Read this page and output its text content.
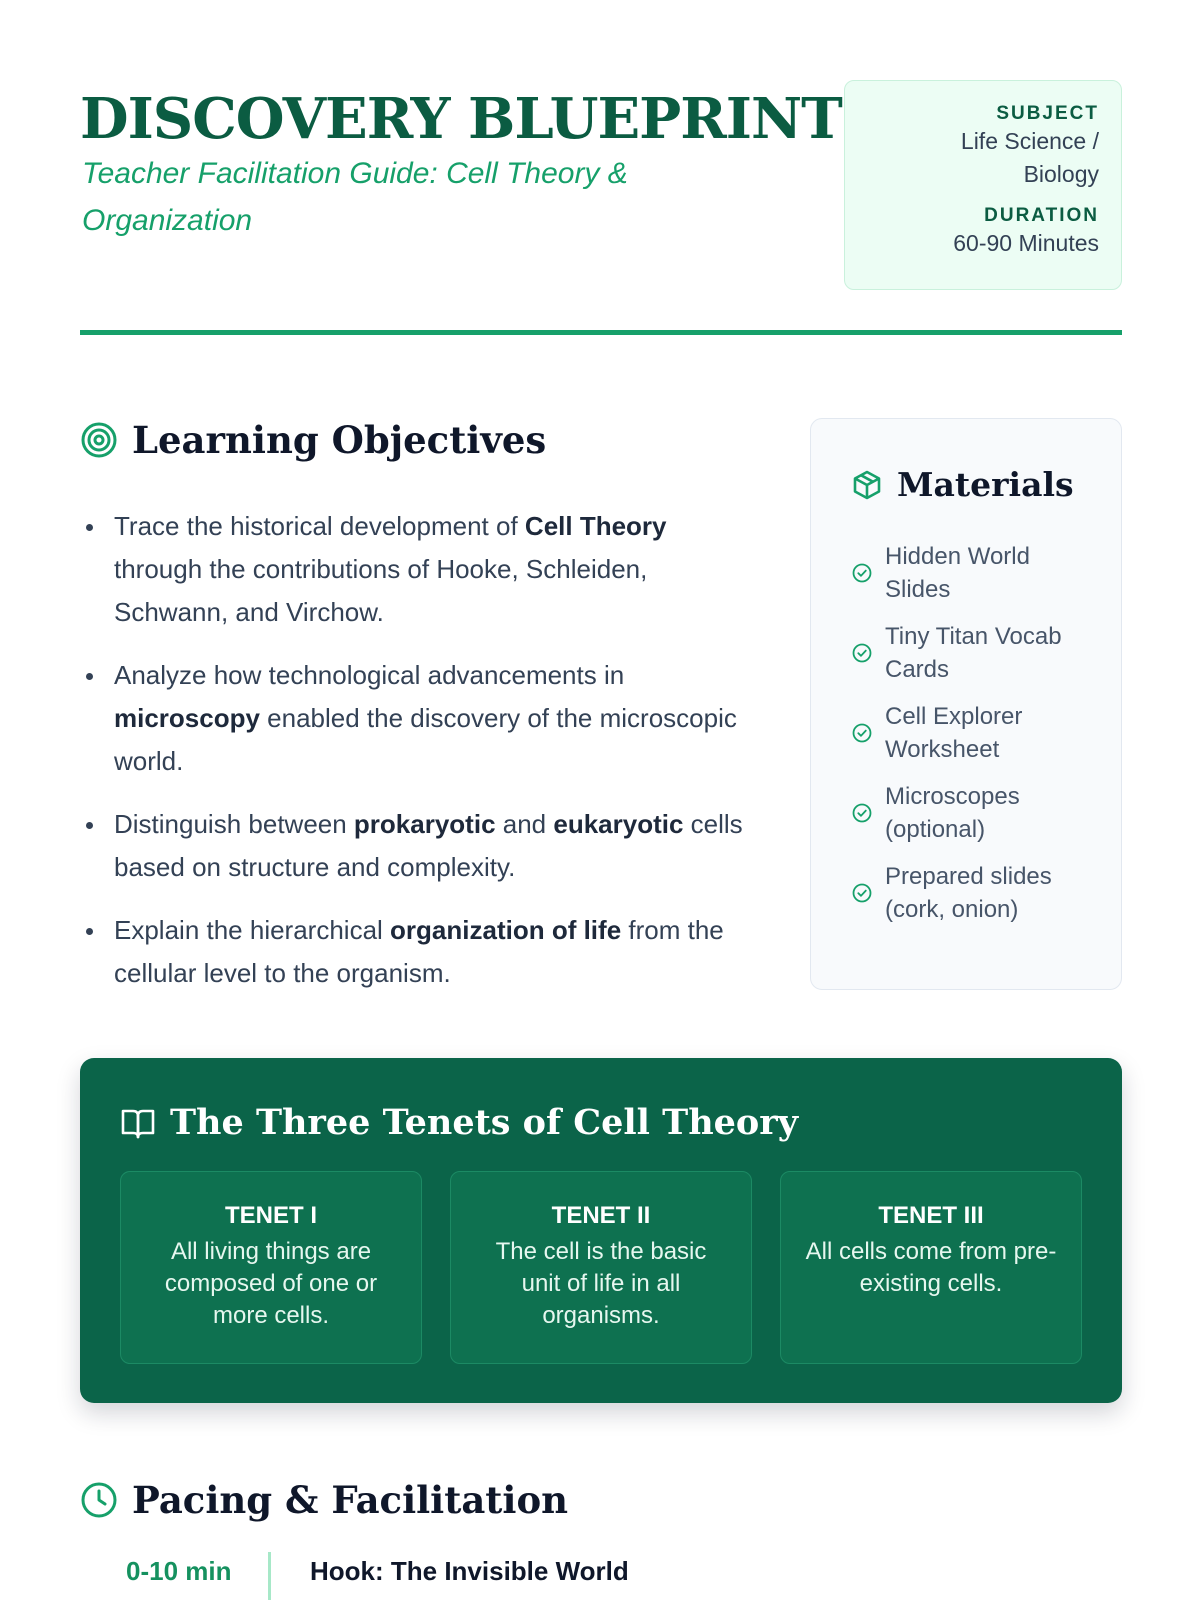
DISCOVERY BLUEPRINT
Teacher Facilitation Guide: Cell Theory & Organization
SUBJECT
Life Science / Biology
DURATION
60-90 Minutes
Learning Objectives
Trace the historical development of Cell Theory through the contributions of Hooke, Schleiden, Schwann, and Virchow.
Analyze how technological advancements in microscopy enabled the discovery of the microscopic world.
Distinguish between prokaryotic and eukaryotic cells based on structure and complexity.
Explain the hierarchical organization of life from the cellular level to the organism.
Materials
Hidden World Slides
Tiny Titan Vocab Cards
Cell Explorer Worksheet
Microscopes (optional)
Prepared slides (cork, onion)
The Three Tenets of Cell Theory
TENET I
All living things are composed of one or more cells.
TENET II
The cell is the basic unit of life in all organisms.
TENET III
All cells come from pre-existing cells.
Pacing & Facilitation
0-10 min	Hook: The Invisible World
